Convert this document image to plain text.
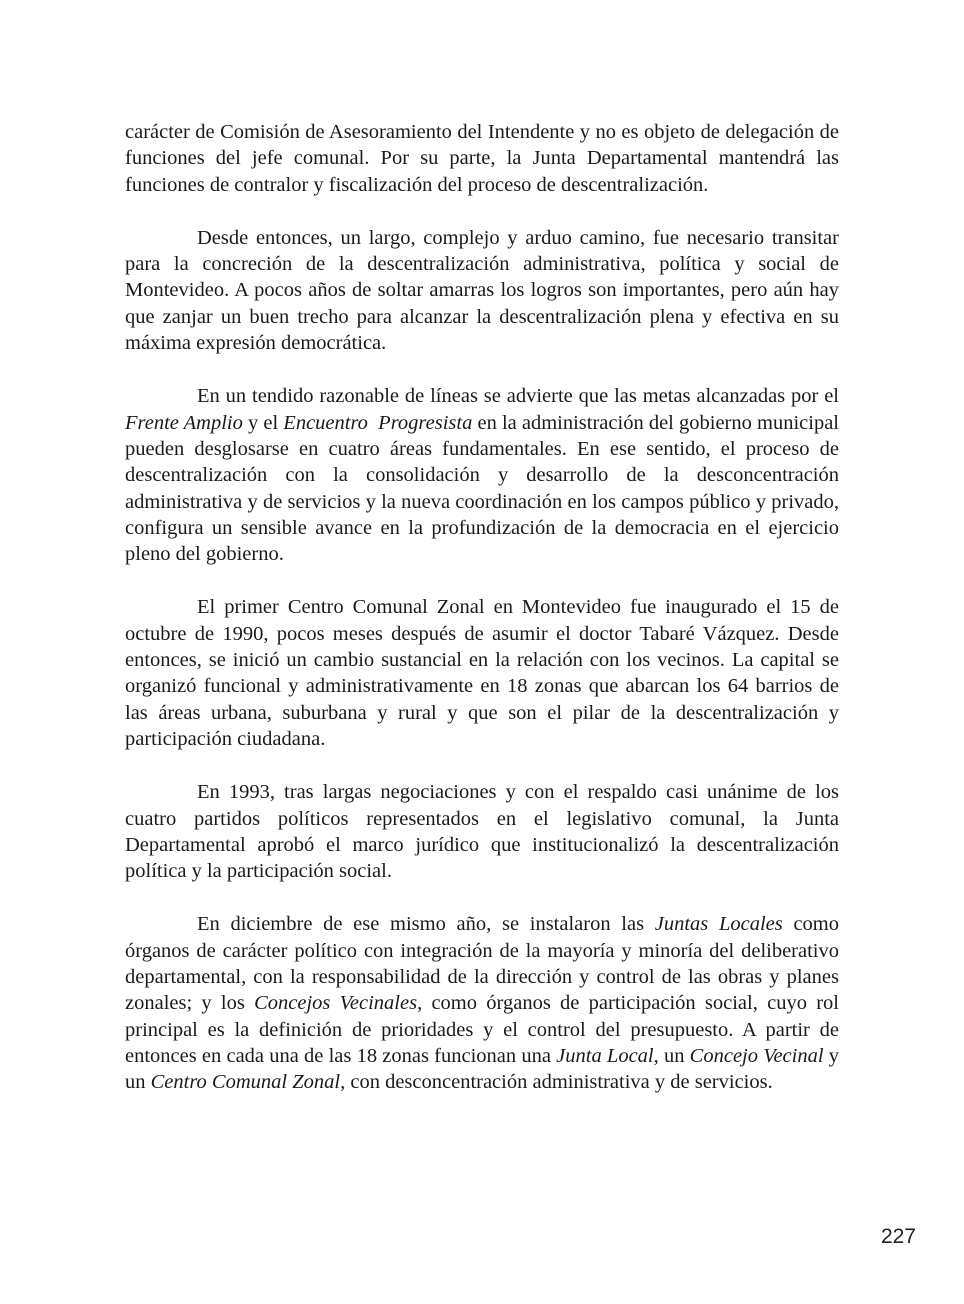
carácter de Comisión de Asesoramiento del Intendente y no es objeto de delegación de funciones del jefe comunal. Por su parte, la Junta Departamental mantendrá las funciones de contralor y fiscalización del proceso de descentralización.

Desde entonces, un largo, complejo y arduo camino, fue necesario transitar para la concreción de la descentralización administrativa, política y social de Montevideo. A pocos años de soltar amarras los logros son importantes, pero aún hay que zanjar un buen trecho para alcanzar la descentralización plena y efectiva en su máxima expresión democrática.

En un tendido razonable de líneas se advierte que las metas alcanzadas por el Frente Amplio y el Encuentro  Progresista en la administración del gobierno municipal pueden desglosarse en cuatro áreas fundamentales. En ese sentido, el proceso de descentralización con la consolidación y desarrollo de la desconcentración administrativa y de servicios y la nueva coordinación en los campos público y privado, configura un sensible avance en la profundización de la democracia en el ejercicio pleno del gobierno.

El primer Centro Comunal Zonal en Montevideo fue inaugurado el 15 de octubre de 1990, pocos meses después de asumir el doctor Tabaré Vázquez. Desde entonces, se inició un cambio sustancial en la relación con los vecinos. La capital se organizó funcional y administrativamente en 18 zonas que abarcan los 64 barrios de las áreas urbana, suburbana y rural y que son el pilar de la descentralización y participación ciudadana.

En 1993, tras largas negociaciones y con el respaldo casi unánime de los cuatro partidos políticos representados en el legislativo comunal, la Junta Departamental aprobó el marco jurídico que institucionalizó la descentralización política y la participación social.

En diciembre de ese mismo año, se instalaron las Juntas Locales como órganos de carácter político con integración de la mayoría y minoría del deliberativo departamental, con la responsabilidad de la dirección y control de las obras y planes zonales; y los Concejos Vecinales, como órganos de participación social, cuyo rol principal es la definición de prioridades y el control del presupuesto. A partir de entonces en cada una de las 18 zonas funcionan una Junta Local, un Concejo Vecinal y un Centro Comunal Zonal, con desconcentración administrativa y de servicios.

227
